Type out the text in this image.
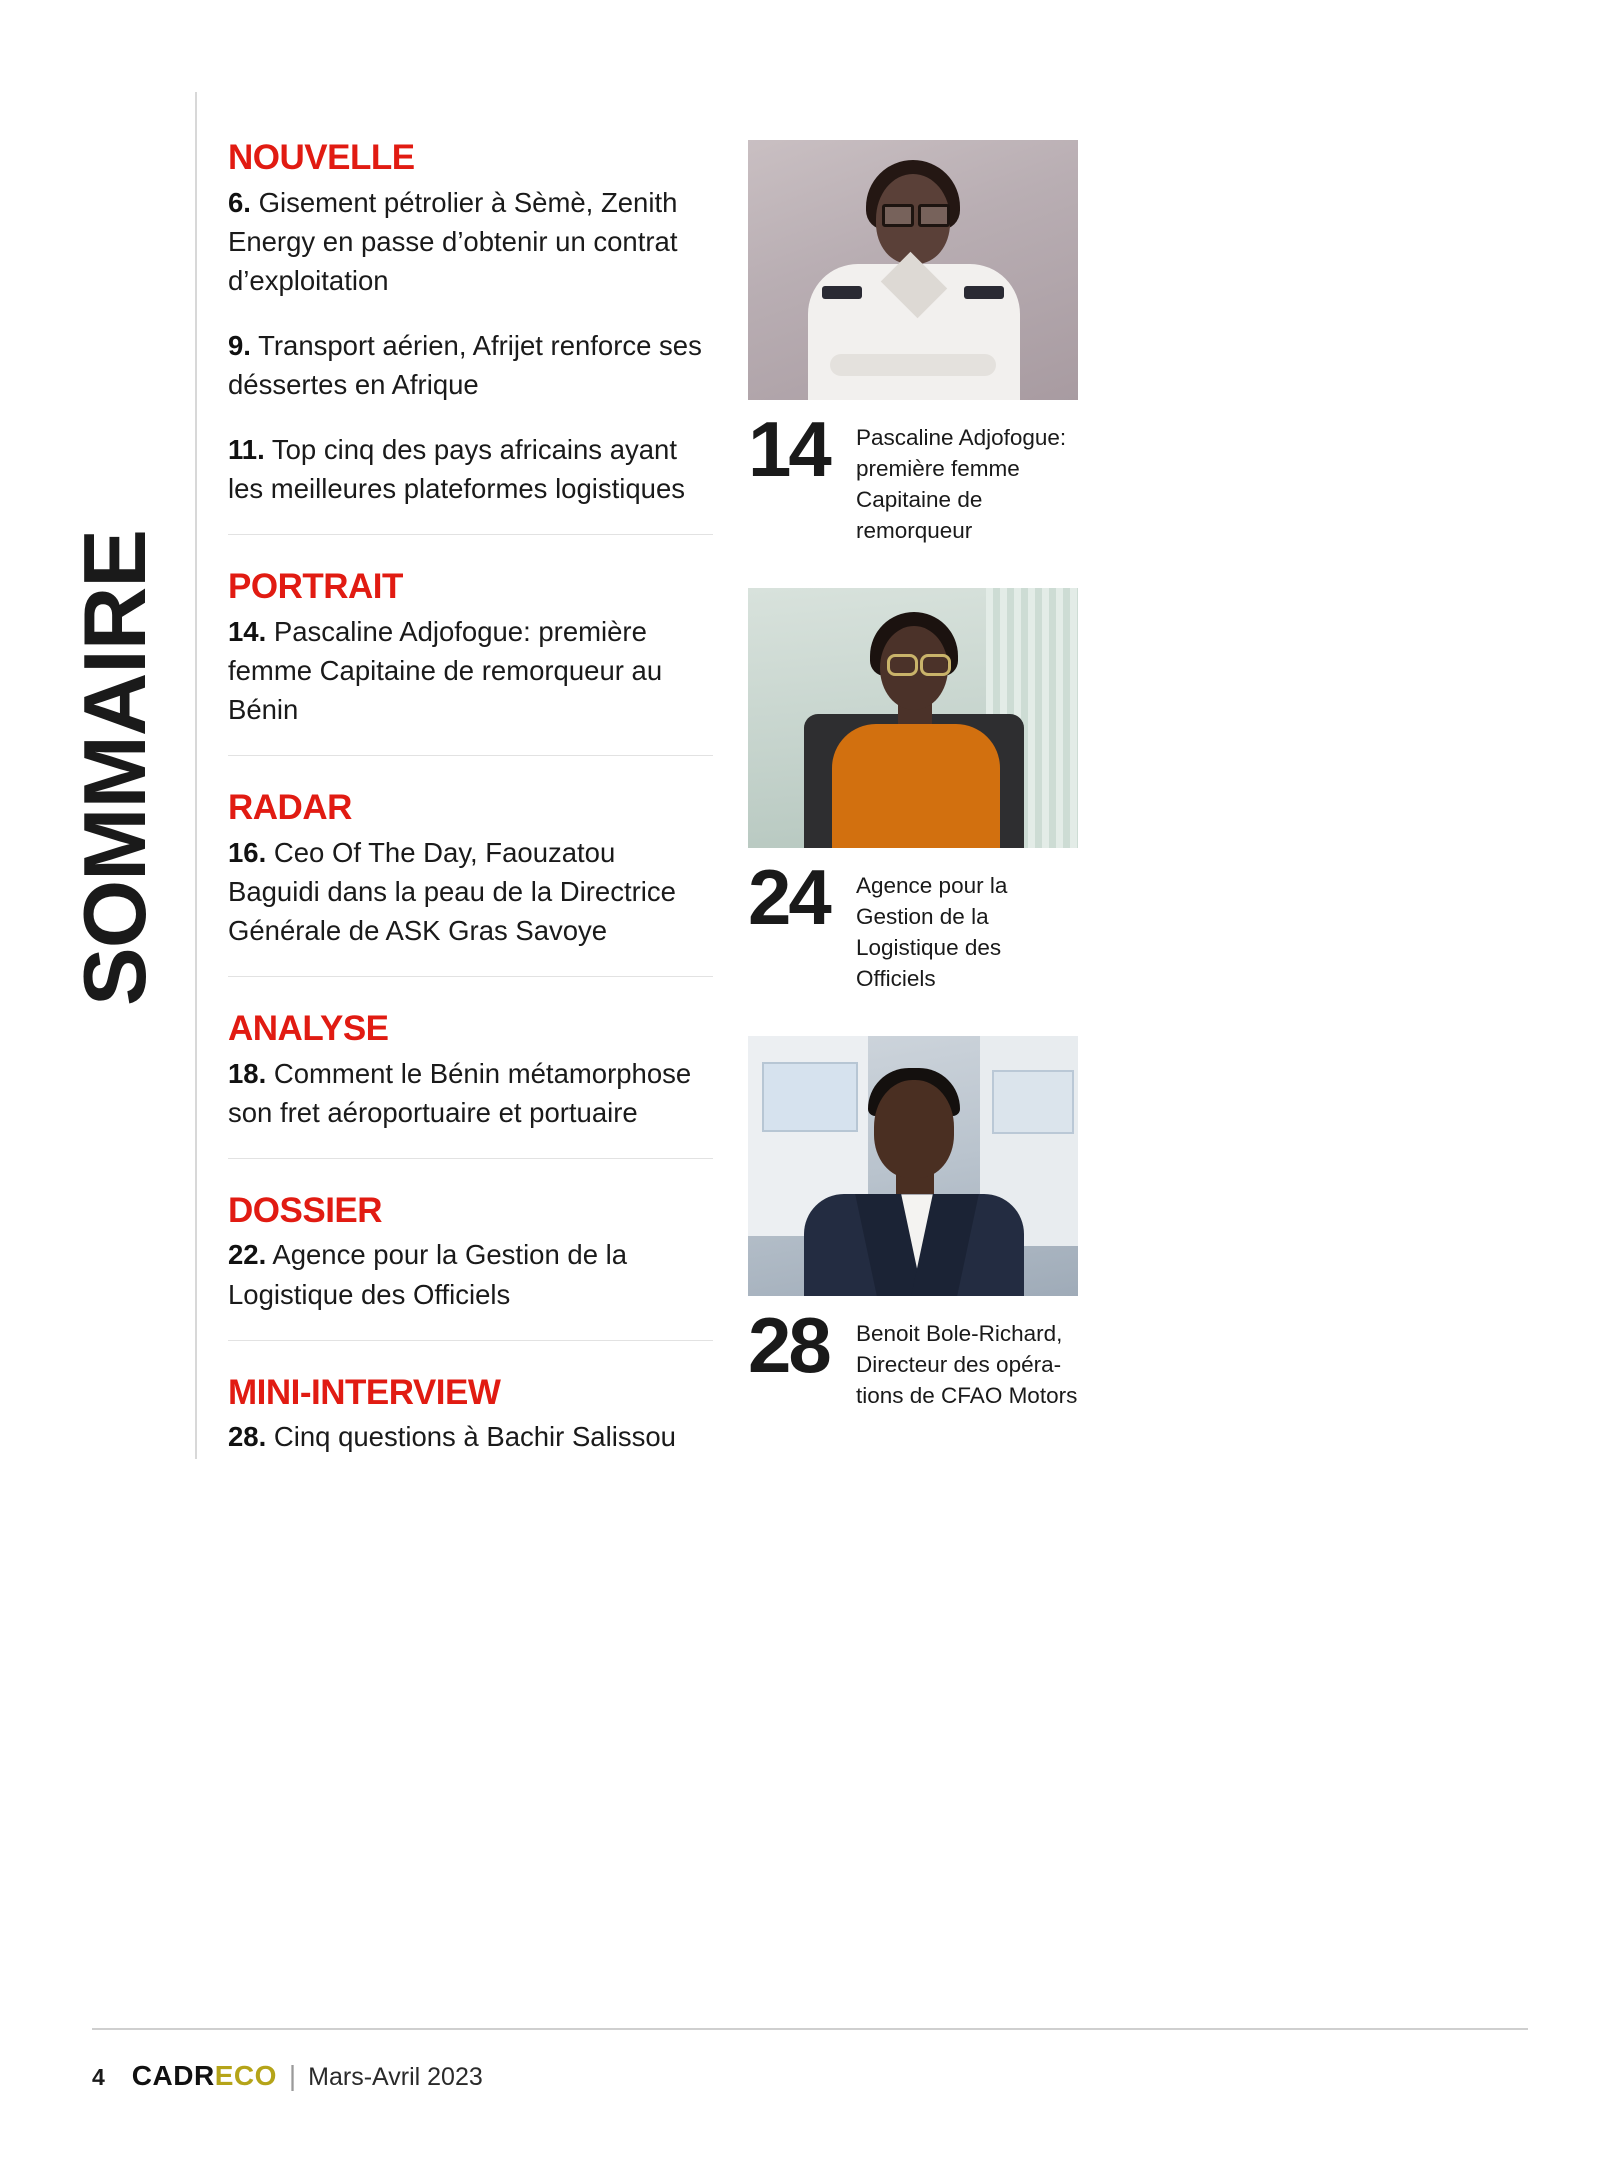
SOMMAIRE
NOUVELLE

6. Gisement pétrolier à Sèmè, Zenith Energy en passe d’obtenir un contrat d’exploitation

9. Transport aérien, Afrijet renforce ses déssertes en Afrique

11. Top cinq des pays africains ayant les meilleures plateformes logistiques

PORTRAIT

14. Pascaline Adjofogue: première femme Capitaine de remorqueur au Bénin

RADAR

16. Ceo Of The Day, Faouzatou Baguidi dans la peau de la Directrice Générale de ASK Gras Savoye

ANALYSE

18. Comment le Bénin métamorphose son fret aéroportuaire et portuaire

DOSSIER

22. Agence pour la Gestion de la Logistique des Officiels

MINI-INTERVIEW

28. Cinq questions à Bachir Salissou

14	Pascaline Adjofogue: première femme Capitaine de remorqueur
24	Agence pour la Gestion de la Logistique des Officiels
28	Benoit Bole-Richard, Directeur des opéra-tions de CFAO Motors
4 CADRECO | Mars-Avril 2023
